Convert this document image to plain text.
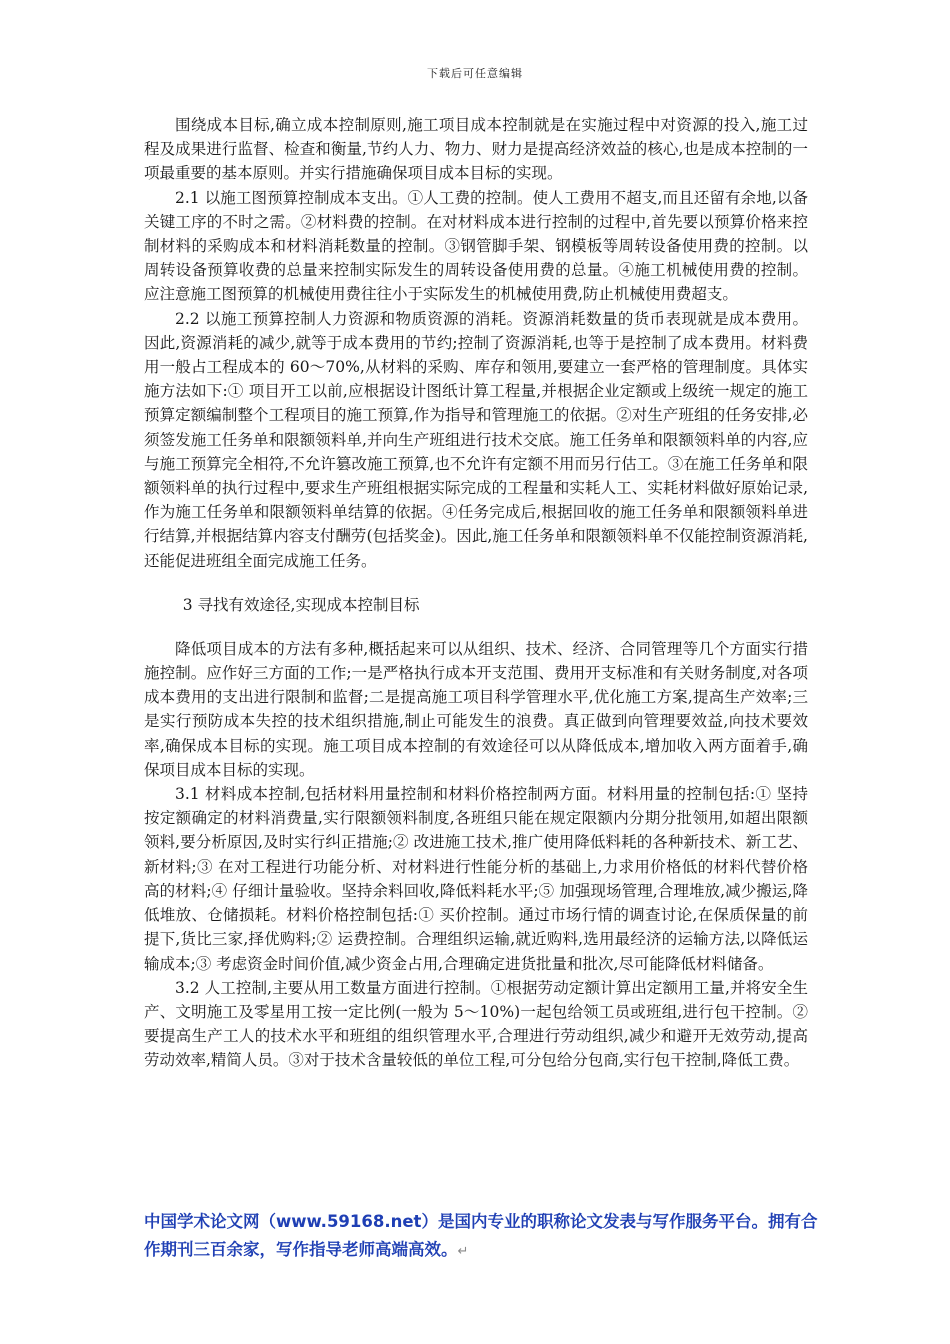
下载后可任意编辑

围绕成本目标,确立成本控制原则,施工项目成本控制就是在实施过程中对资源的投入,施工过程及成果进行监督、检查和衡量,节约人力、物力、财力是提高经济效益的核心,也是成本控制的一项最重要的基本原则。并实行措施确保项目成本目标的实现。

2.1 以施工图预算控制成本支出。①人工费的控制。使人工费用不超支,而且还留有余地,以备关键工序的不时之需。②材料费的控制。在对材料成本进行控制的过程中,首先要以预算价格来控制材料的采购成本和材料消耗数量的控制。③钢管脚手架、钢模板等周转设备使用费的控制。以周转设备预算收费的总量来控制实际发生的周转设备使用费的总量。④施工机械使用费的控制。应注意施工图预算的机械使用费往往小于实际发生的机械使用费,防止机械使用费超支。

2.2 以施工预算控制人力资源和物质资源的消耗。资源消耗数量的货币表现就是成本费用。因此,资源消耗的减少,就等于成本费用的节约;控制了资源消耗,也等于是控制了成本费用。材料费用一般占工程成本的 60～70%,从材料的采购、库存和领用,要建立一套严格的管理制度。具体实施方法如下:① 项目开工以前,应根据设计图纸计算工程量,并根据企业定额或上级统一规定的施工预算定额编制整个工程项目的施工预算,作为指导和管理施工的依据。②对生产班组的任务安排,必须签发施工任务单和限额领料单,并向生产班组进行技术交底。施工任务单和限额领料单的内容,应与施工预算完全相符,不允许篡改施工预算,也不允许有定额不用而另行估工。③在施工任务单和限额领料单的执行过程中,要求生产班组根据实际完成的工程量和实耗人工、实耗材料做好原始记录,作为施工任务单和限额领料单结算的依据。④任务完成后,根据回收的施工任务单和限额领料单进行结算,并根据结算内容支付酬劳(包括奖金)。因此,施工任务单和限额领料单不仅能控制资源消耗,还能促进班组全面完成施工任务。

3 寻找有效途径,实现成本控制目标

降低项目成本的方法有多种,概括起来可以从组织、技术、经济、合同管理等几个方面实行措施控制。应作好三方面的工作;一是严格执行成本开支范围、费用开支标准和有关财务制度,对各项成本费用的支出进行限制和监督;二是提高施工项目科学管理水平,优化施工方案,提高生产效率;三是实行预防成本失控的技术组织措施,制止可能发生的浪费。真正做到向管理要效益,向技术要效率,确保成本目标的实现。施工项目成本控制的有效途径可以从降低成本,增加收入两方面着手,确保项目成本目标的实现。

3.1 材料成本控制,包括材料用量控制和材料价格控制两方面。材料用量的控制包括:① 坚持按定额确定的材料消费量,实行限额领料制度,各班组只能在规定限额内分期分批领用,如超出限额领料,要分析原因,及时实行纠正措施;② 改进施工技术,推广使用降低料耗的各种新技术、新工艺、新材料;③ 在对工程进行功能分析、对材料进行性能分析的基础上,力求用价格低的材料代替价格高的材料;④ 仔细计量验收。坚持余料回收,降低料耗水平;⑤ 加强现场管理,合理堆放,减少搬运,降低堆放、仓储损耗。材料价格控制包括:① 买价控制。通过市场行情的调查讨论,在保质保量的前提下,货比三家,择优购料;② 运费控制。合理组织运输,就近购料,选用最经济的运输方法,以降低运输成本;③ 考虑资金时间价值,减少资金占用,合理确定进货批量和批次,尽可能降低材料储备。

3.2 人工控制,主要从用工数量方面进行控制。①根据劳动定额计算出定额用工量,并将安全生产、文明施工及零星用工按一定比例(一般为 5～10%)一起包给领工员或班组,进行包干控制。②要提高生产工人的技术水平和班组的组织管理水平,合理进行劳动组织,减少和避开无效劳动,提高劳动效率,精简人员。③对于技术含量较低的单位工程,可分包给分包商,实行包干控制,降低工费。

中国学术论文网（www.59168.net）是国内专业的职称论文发表与写作服务平台。拥有合作期刊三百余家，写作指导老师高端高效。↵
